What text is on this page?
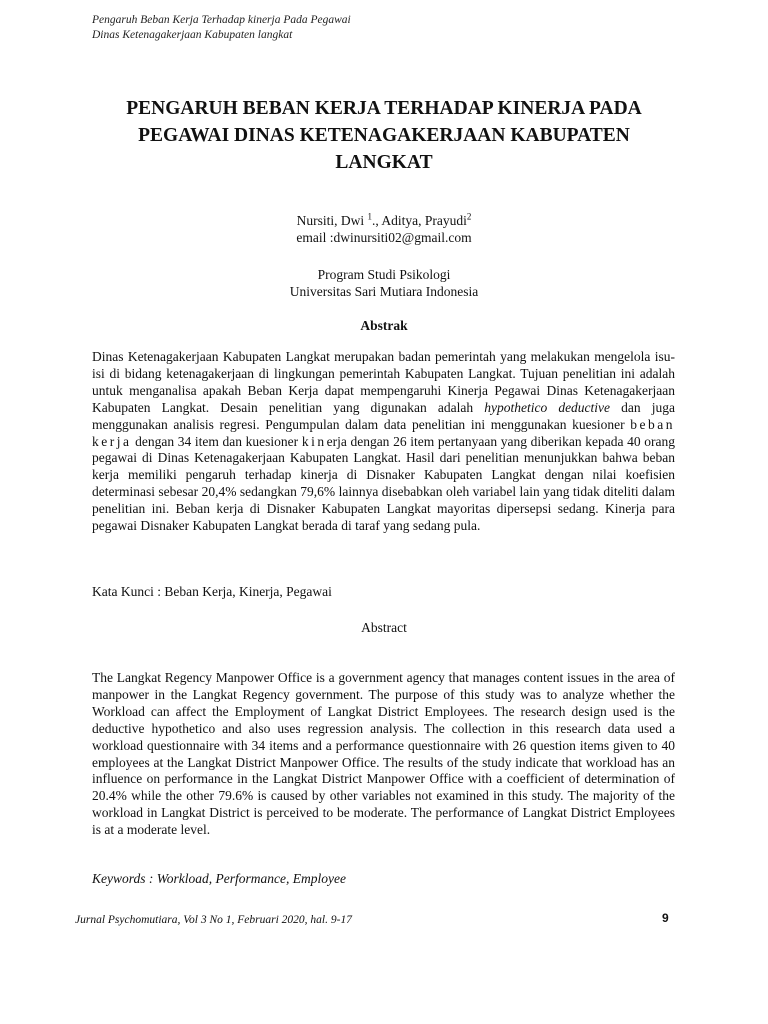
Pengaruh Beban Kerja Terhadap kinerja Pada Pegawai
Dinas Ketenagakerjaan Kabupaten langkat
PENGARUH BEBAN KERJA TERHADAP KINERJA PADA
PEGAWAI DINAS KETENAGAKERJAAN KABUPATEN
LANGKAT
Nursiti, Dwi $^1$., Aditya, Prayudi$^2$
email :dwinursiti02@gmail.com
Program Studi Psikologi
Universitas Sari Mutiara Indonesia
Abstrak

Dinas Ketenagakerjaan Kabupaten Langkat merupakan badan pemerintah yang melakukan mengelola isu-isi di bidang ketenagakerjaan di lingkungan pemerintah Kabupaten Langkat. Tujuan penelitian ini adalah untuk menganalisa apakah Beban Kerja dapat mempengaruhi Kinerja Pegawai Dinas Ketenagakerjaan Kabupaten Langkat. Desain penelitian yang digunakan adalah hypothetico deductive dan juga menggunakan analisis regresi. Pengumpulan dalam data penelitian ini menggunakan kuesioner beban kerja dengan 34 item dan kuesioner kinerja dengan 26 item pertanyaan yang diberikan kepada 40 orang pegawai di Dinas Ketenagakerjaan Kabupaten Langkat. Hasil dari penelitian menunjukkan bahwa beban kerja memiliki pengaruh terhadap kinerja di Disnaker Kabupaten Langkat dengan nilai koefisien determinasi sebesar 20,4% sedangkan 79,6% lainnya disebabkan oleh variabel lain yang tidak diteliti dalam penelitian ini. Beban kerja di Disnaker Kabupaten Langkat mayoritas dipersepsi sedang. Kinerja para pegawai Disnaker Kabupaten Langkat berada di taraf yang sedang pula.

Kata Kunci : Beban Kerja, Kinerja, Pegawai
Abstract

The Langkat Regency Manpower Office is a government agency that manages content issues in the area of manpower in the Langkat Regency government. The purpose of this study was to analyze whether the Workload can affect the Employment of Langkat District Employees. The research design used is the deductive hypothetico and also uses regression analysis. The collection in this research data used a workload questionnaire with 34 items and a performance questionnaire with 26 question items given to 40 employees at the Langkat District Manpower Office. The results of the study indicate that workload has an influence on performance in the Langkat District Manpower Office with a coefficient of determination of 20.4% while the other 79.6% is caused by other variables not examined in this study. The majority of the workload in Langkat District is perceived to be moderate. The performance of Langkat District Employees is at a moderate level.

Keywords : Workload, Performance, Employee
Jurnal Psychomutiara, Vol 3 No 1, Februari 2020, hal. 9-17	9
